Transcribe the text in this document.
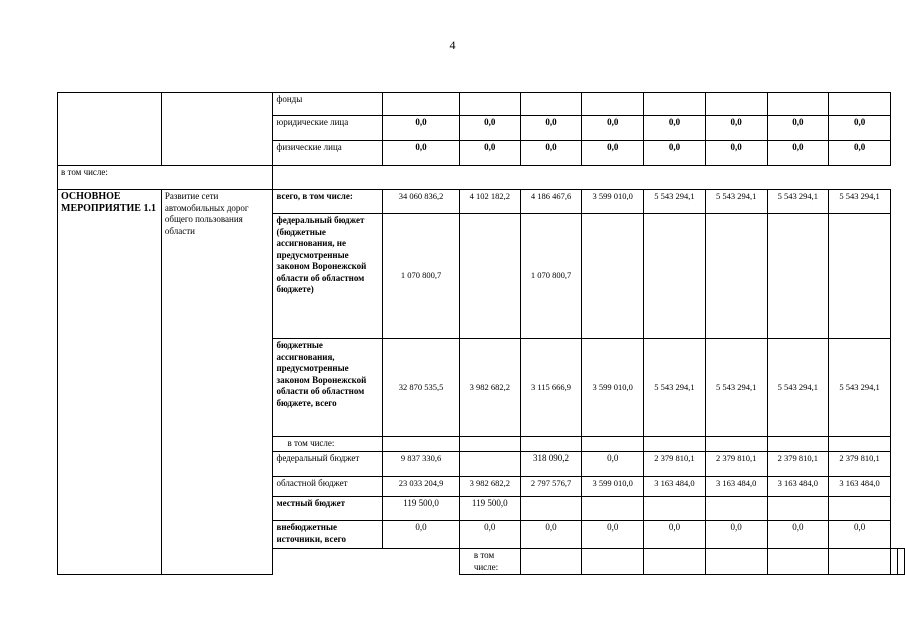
4
		фонды										
		юридические лица	0,0	0,0	0,0	0,0	0,0	0,0	0,0	0,0		
		физические лица	0,0	0,0	0,0	0,0	0,0	0,0	0,0	0,0		
в том числе:												
ОСНОВНОЕ МЕРОПРИЯТИЕ 1.1	Развитие сети автомобильных дорог общего пользования области	всего, в том числе:	34 060 836,2	4 102 182,2	4 186 467,6	3 599 010,0	5 543 294,1	5 543 294,1	5 543 294,1	5 543 294,1		
		федеральный бюджет (бюджетные ассигнования, не предусмотренные законом Воронежской области об областном бюджете)	1 070 800,7		1 070 800,7							
		бюджетные ассигнования, предусмотренные законом Воронежской области об областном бюджете, всего	32 870 535,5	3 982 682,2	3 115 666,9	3 599 010,0	5 543 294,1	5 543 294,1	5 543 294,1	5 543 294,1		
		в том числе:										
		федеральный бюджет	9 837 330,6		318 090,2	0,0	2 379 810,1	2 379 810,1	2 379 810,1	2 379 810,1		
		областной бюджет	23 033 204,9	3 982 682,2	2 797 576,7	3 599 010,0	3 163 484,0	3 163 484,0	3 163 484,0	3 163 484,0		
		местный бюджет	119 500,0	119 500,0								
		внебюджетные источники, всего	0,0	0,0	0,0	0,0	0,0	0,0	0,0	0,0		
				в том числе:								
